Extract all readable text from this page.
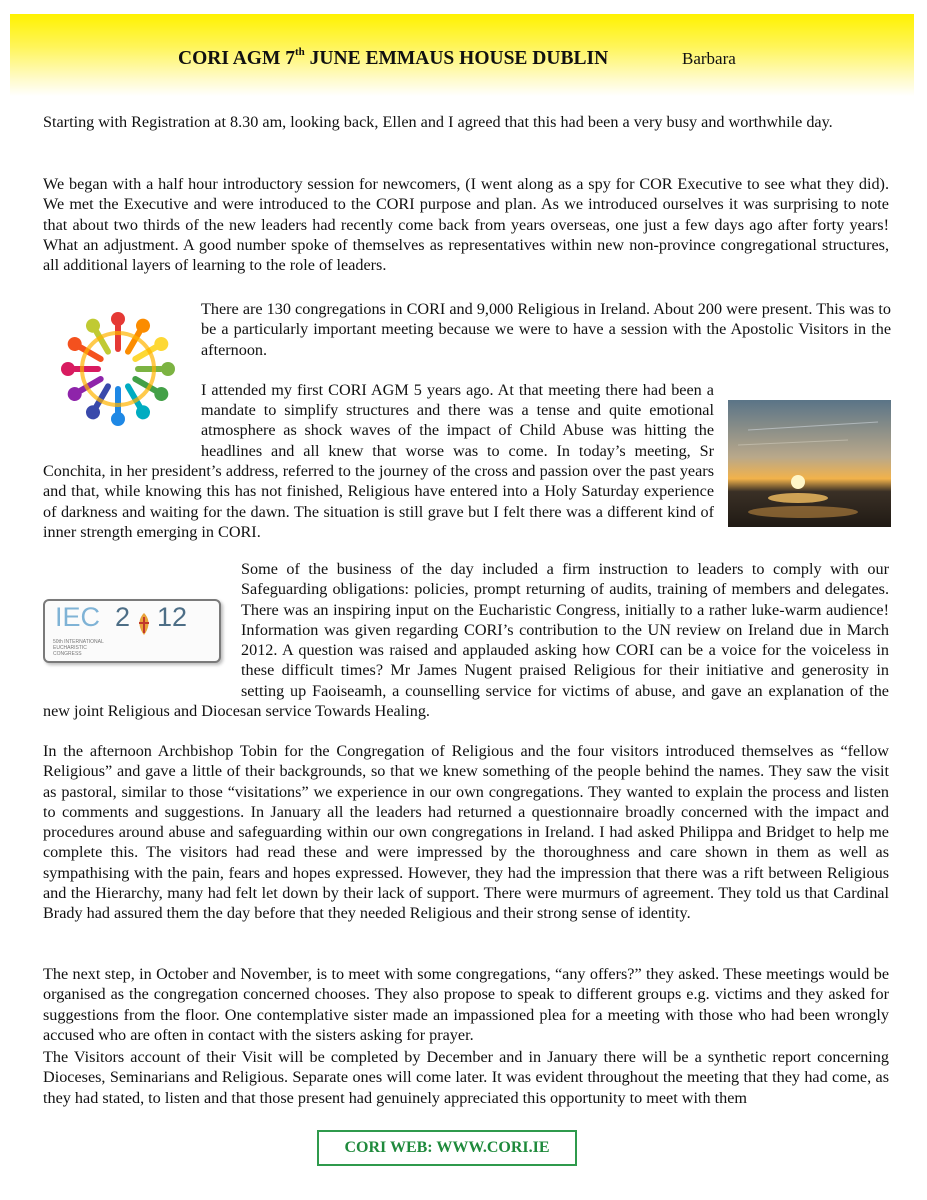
CORI AGM 7th JUNE EMMAUS HOUSE DUBLIN	Barbara

Starting with Registration at 8.30 am, looking back, Ellen and I agreed that this had been a very busy and worthwhile day.

We began with a half hour introductory session for newcomers, (I went along as a spy for COR Executive to see what they did). We met the Executive and were introduced to the CORI purpose and plan. As we introduced ourselves it was surprising to note that about two thirds of the new leaders had recently come back from years overseas, one just a few days ago after forty years! What an adjustment. A good number spoke of themselves as representatives within new non-province congregational structures, all additional layers of learning to the role of leaders.

There are 130 congregations in CORI and 9,000 Religious in Ireland. About 200 were present. This was to be a particularly important meeting because we were to have a session with the Apostolic Visitors in the afternoon.
I attended my first CORI AGM 5 years ago. At that meeting there had been a mandate to simplify structures and there was a tense and quite emotional atmosphere as shock waves of the impact of Child Abuse was hitting the headlines and all knew that worse was to come. In today’s meeting, Sr Conchita, in her president’s address, referred to the journey of the cross and passion over the past years and that, while knowing this has not finished, Religious have entered into a Holy Saturday experience of darkness and waiting for the dawn. The situation is still grave but I felt there was a different kind of inner strength emerging in CORI.
IEC 2 12
50th INTERNATIONAL
EUCHARISTIC
CONGRESS
Some of the business of the day included a firm instruction to leaders to comply with our Safeguarding obligations: policies, prompt returning of audits, training of members and delegates. There was an inspiring input on the Eucharistic Congress, initially to a rather luke-warm audience! Information was given regarding CORI’s contribution to the UN review on Ireland due in March 2012. A question was raised and applauded asking how CORI can be a voice for the voiceless in these difficult times? Mr James Nugent praised Religious for their initiative and generosity in setting up Faoiseamh, a counselling service for victims of abuse, and gave an explanation of the new joint Religious and Diocesan service Towards Healing.

In the afternoon Archbishop Tobin for the Congregation of Religious and the four visitors introduced themselves as “fellow Religious” and gave a little of their backgrounds, so that we knew something of the people behind the names. They saw the visit as pastoral, similar to those “visitations” we experience in our own congregations. They wanted to explain the process and listen to comments and suggestions. In January all the leaders had returned a questionnaire broadly concerned with the impact and procedures around abuse and safeguarding within our own congregations in Ireland. I had asked Philippa and Bridget to help me complete this. The visitors had read these and were impressed by the thoroughness and care shown in them as well as sympathising with the pain, fears and hopes expressed. However, they had the impression that there was a rift between Religious and the Hierarchy, many had felt let down by their lack of support. There were murmurs of agreement. They told us that Cardinal Brady had assured them the day before that they needed Religious and their strong sense of identity.

The next step, in October and November, is to meet with some congregations, “any offers?” they asked. These meetings would be organised as the congregation concerned chooses. They also propose to speak to different groups e.g. victims and they asked for suggestions from the floor. One contemplative sister made an impassioned plea for a meeting with those who had been wrongly accused who are often in contact with the sisters asking for prayer.

The Visitors account of their Visit will be completed by December and in January there will be a synthetic report concerning Dioceses, Seminarians and Religious. Separate ones will come later. It was evident throughout the meeting that they had come, as they had stated, to listen and that those present had genuinely appreciated this opportunity to meet with them

CORI WEB: WWW.CORI.IE
